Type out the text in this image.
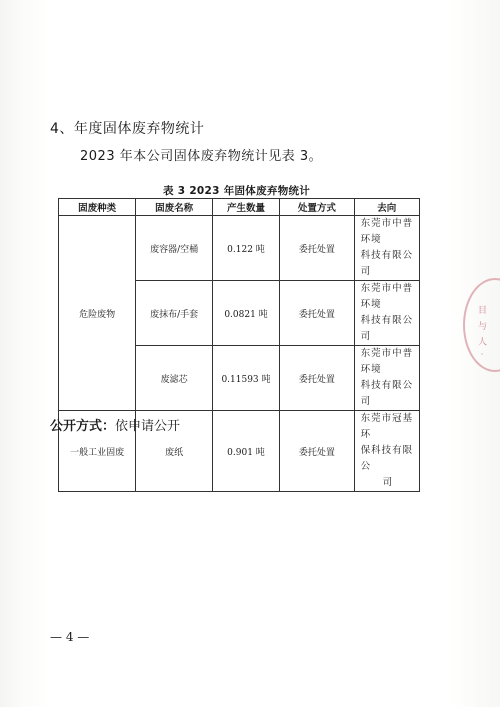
4、年度固体废弃物统计
2023 年本公司固体废弃物统计见表 3。
表 3 2023 年固体废弃物统计
固废种类	固废名称	产生数量	处置方式	去向
危险废物	废容器/空桶	0.122 吨	委托处置	东莞市中普环境
科技有限公司

	废抹布/手套	0.0821 吨	委托处置	东莞市中普环境
科技有限公司

	废滤芯	0.11593 吨	委托处置	东莞市中普环境
科技有限公司

一般工业固废	废纸	0.901 吨	委托处置	东莞市冠基环
保科技有限公
司
公开方式：依申请公开
— 4 —
目 与 人 ·
